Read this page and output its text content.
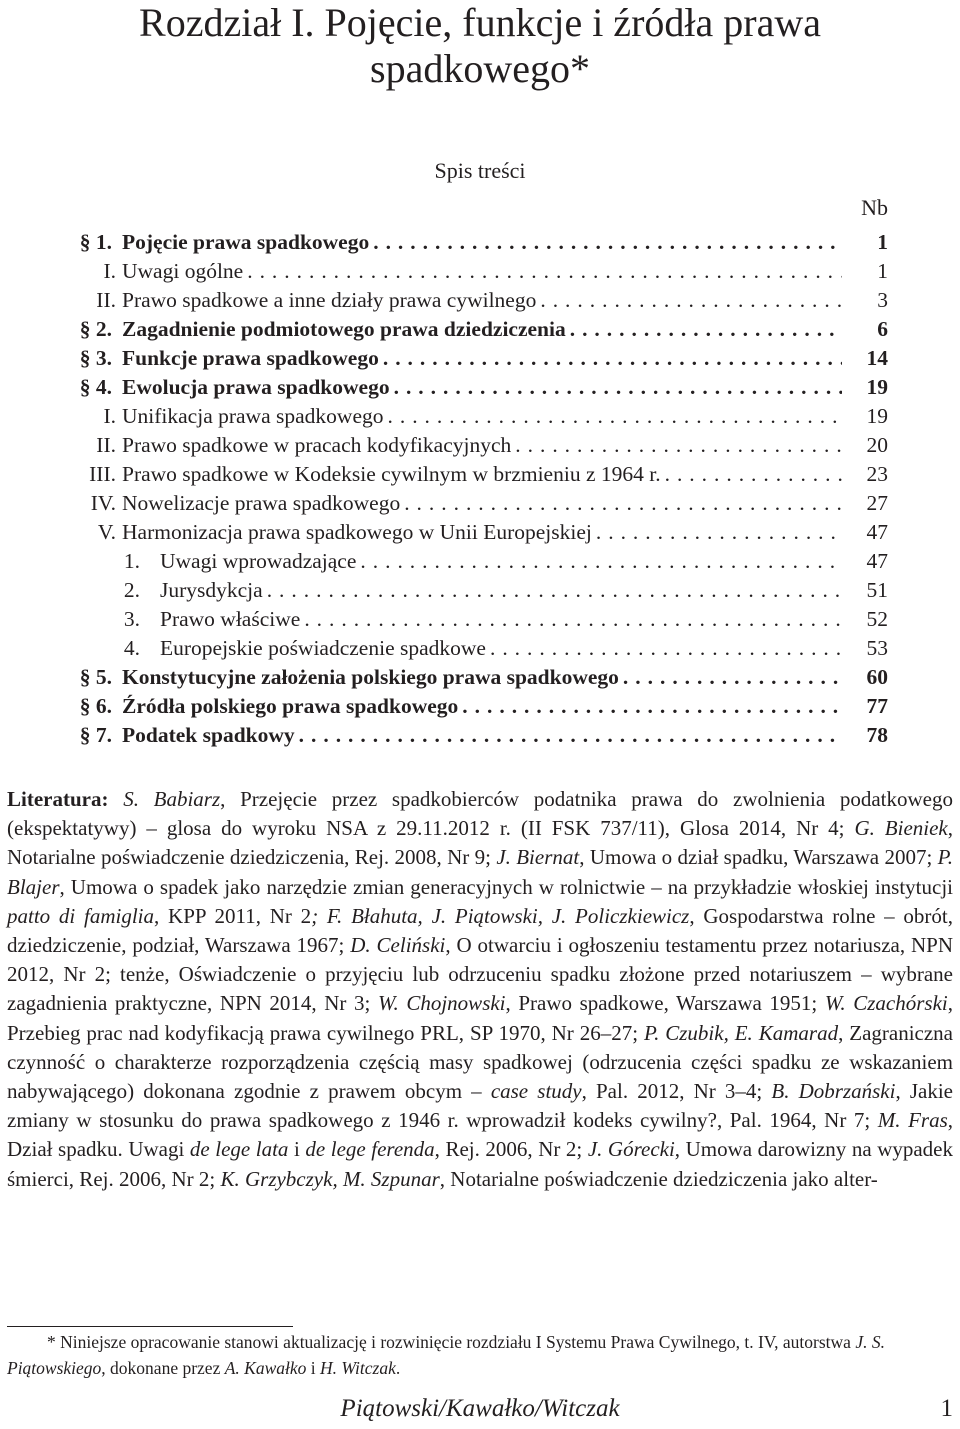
Rozdział I. Pojęcie, funkcje i źródła prawa
spadkowego*
Spis treści
Nb
§ 1. Pojęcie prawa spadkowego . . .	1
I. Uwagi ogólne . . .	1
II. Prawo spadkowe a inne działy prawa cywilnego . . .	3
§ 2. Zagadnienie podmiotowego prawa dziedziczenia . . .	6
§ 3. Funkcje prawa spadkowego . . .	14
§ 4. Ewolucja prawa spadkowego . . .	19
I. Unifikacja prawa spadkowego . . .	19
II. Prawo spadkowe w pracach kodyfikacyjnych . . .	20
III. Prawo spadkowe w Kodeksie cywilnym w brzmieniu z 1964 r. . . .	23
IV. Nowelizacje prawa spadkowego . . .	27
V. Harmonizacja prawa spadkowego w Unii Europejskiej . . .	47
1. Uwagi wprowadzające . . .	47
2. Jurysdykcja . . .	51
3. Prawo właściwe . . .	52
4. Europejskie poświadczenie spadkowe . . .	53
§ 5. Konstytucyjne założenia polskiego prawa spadkowego . . .	60
§ 6. Źródła polskiego prawa spadkowego . . .	77
§ 7. Podatek spadkowy . . .	78

Literatura: S. Babiarz, Przejęcie przez spadkobierców podatnika prawa do zwolnienia podatkowego (ekspektatywy) – glosa do wyroku NSA z 29.11.2012 r. (II FSK 737/11), Glosa 2014, Nr 4; G. Bieniek, Notarialne poświadczenie dziedziczenia, Rej. 2008, Nr 9; J. Biernat, Umowa o dział spadku, Warszawa 2007; P. Blajer, Umowa o spadek jako narzędzie zmian generacyjnych w rolnictwie – na przykładzie włoskiej instytucji patto di famiglia, KPP 2011, Nr 2; F. Błahuta, J. Piątowski, J. Policzkiewicz, Gospodarstwa rolne – obrót, dziedziczenie, podział, Warszawa 1967; D. Celiński, O otwarciu i ogłoszeniu testamentu przez notariusza, NPN 2012, Nr 2; tenże, Oświadczenie o przyjęciu lub odrzuceniu spadku złożone przed notariuszem – wybrane zagadnienia praktyczne, NPN 2014, Nr 3; W. Chojnowski, Prawo spadkowe, Warszawa 1951; W. Czachórski, Przebieg prac nad kodyfikacją prawa cywilnego PRL, SP 1970, Nr 26–27; P. Czubik, E. Kamarad, Zagraniczna czynność o charakterze rozporządzenia częścią masy spadkowej (odrzucenia części spadku ze wskazaniem nabywającego) dokonana zgodnie z prawem obcym – case study, Pal. 2012, Nr 3–4; B. Dobrzański, Jakie zmiany w stosunku do prawa spadkowego z 1946 r. wprowadził kodeks cywilny?, Pal. 1964, Nr 7; M. Fras, Dział spadku. Uwagi de lege lata i de lege ferenda, Rej. 2006, Nr 2; J. Górecki, Umowa darowizny na wypadek śmierci, Rej. 2006, Nr 2; K. Grzybczyk, M. Szpunar, Notarialne poświadczenie dziedziczenia jako alter-

* Niniejsze opracowanie stanowi aktualizację i rozwinięcie rozdziału I Systemu Prawa Cywilnego, t. IV, autorstwa J. S. Piątowskiego, dokonane przez A. Kawałko i H. Witczak.

Piątowski/Kawałko/Witczak	1
